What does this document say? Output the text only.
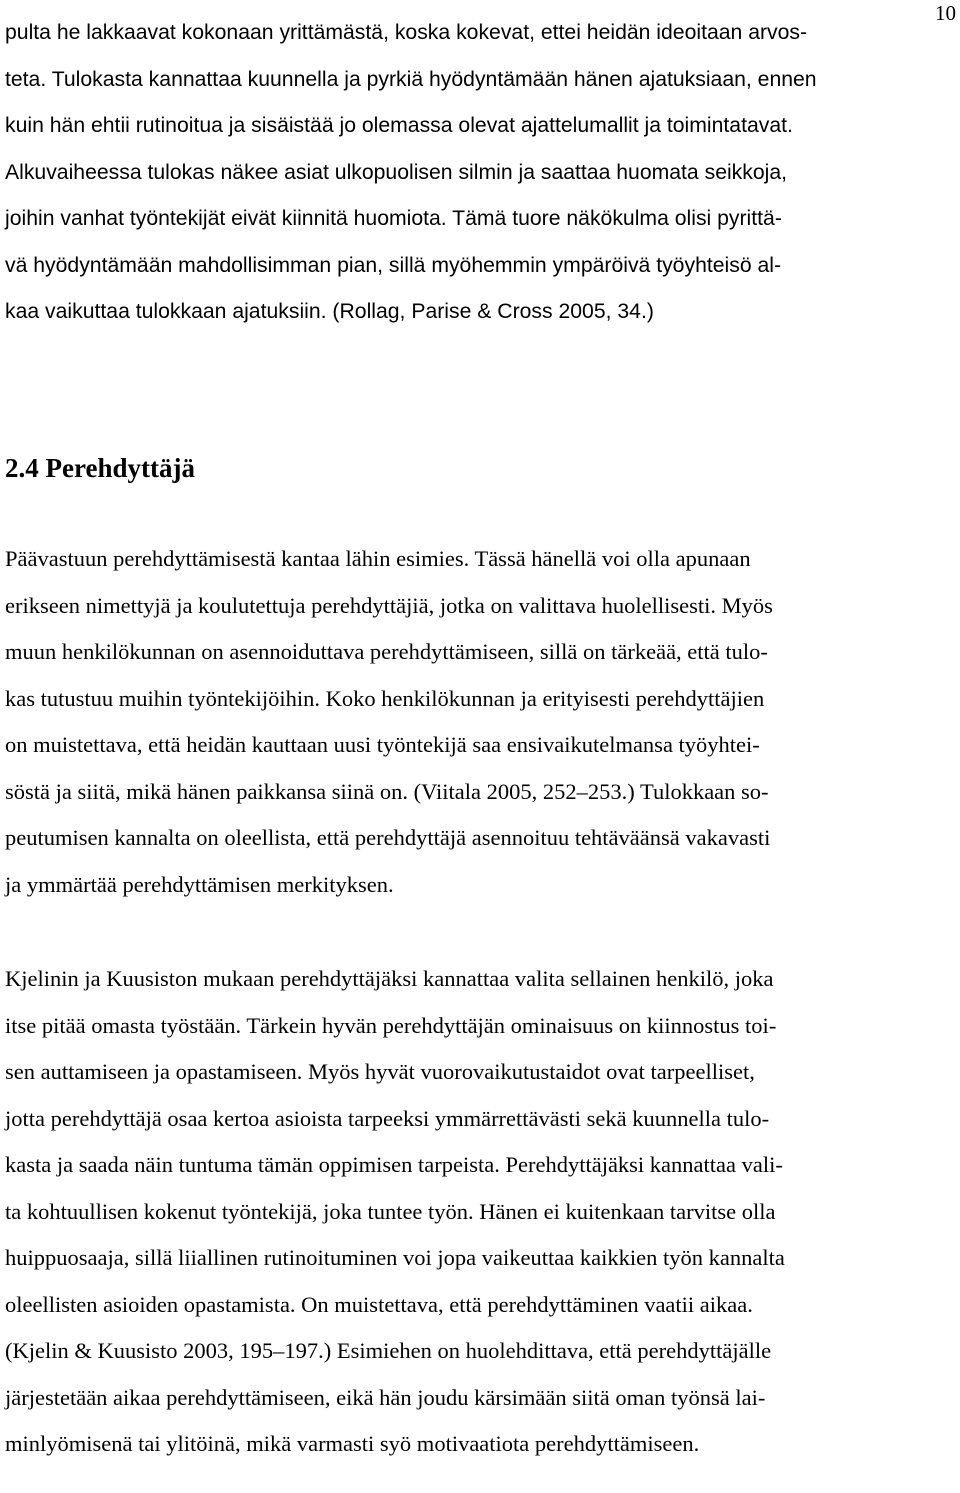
10
pulta he lakkaavat kokonaan yrittämästä, koska kokevat, ettei heidän ideoitaan arvos-
teta. Tulokasta kannattaa kuunnella ja pyrkiä hyödyntämään hänen ajatuksiaan, ennen
kuin hän ehtii rutinoitua ja sisäistää jo olemassa olevat ajattelumallit ja toimintatavat.
Alkuvaiheessa tulokas näkee asiat ulkopuolisen silmin ja saattaa huomata seikkoja,
joihin vanhat työntekijät eivät kiinnitä huomiota. Tämä tuore näkökulma olisi pyrittä-
vä hyödyntämään mahdollisimman pian, sillä myöhemmin ympäröivä työyhteisö al-
kaa vaikuttaa tulokkaan ajatuksiin. (Rollag, Parise & Cross 2005, 34.)
2.4 Perehdyttäjä
Päävastuun perehdyttämisestä kantaa lähin esimies. Tässä hänellä voi olla apunaan
erikseen nimettyjä ja koulutettuja perehdyttäjiä, jotka on valittava huolellisesti. Myös
muun henkilökunnan on asennoiduttava perehdyttämiseen, sillä on tärkeää, että tulo-
kas tutustuu muihin työntekijöihin. Koko henkilökunnan ja erityisesti perehdyttäjien
on muistettava, että heidän kauttaan uusi työntekijä saa ensivaikutelmansa työyhtei-
söstä ja siitä, mikä hänen paikkansa siinä on. (Viitala 2005, 252–253.) Tulokkaan so-
peutumisen kannalta on oleellista, että perehdyttäjä asennoituu tehtäväänsä vakavasti
ja ymmärtää perehdyttämisen merkityksen.
Kjelinin ja Kuusiston mukaan perehdyttäjäksi kannattaa valita sellainen henkilö, joka
itse pitää omasta työstään. Tärkein hyvän perehdyttäjän ominaisuus on kiinnostus toi-
sen auttamiseen ja opastamiseen. Myös hyvät vuorovaikutustaidot ovat tarpeelliset,
jotta perehdyttäjä osaa kertoa asioista tarpeeksi ymmärrettävästi sekä kuunnella tulo-
kasta ja saada näin tuntuma tämän oppimisen tarpeista. Perehdyttäjäksi kannattaa vali-
ta kohtuullisen kokenut työntekijä, joka tuntee työn. Hänen ei kuitenkaan tarvitse olla
huippuosaaja, sillä liiallinen rutinoituminen voi jopa vaikeuttaa kaikkien työn kannalta
oleellisten asioiden opastamista. On muistettava, että perehdyttäminen vaatii aikaa.
(Kjelin & Kuusisto 2003, 195–197.) Esimiehen on huolehdittava, että perehdyttäjälle
järjestetään aikaa perehdyttämiseen, eikä hän joudu kärsimään siitä oman työnsä lai-
minlyömisenä tai ylitöinä, mikä varmasti syö motivaatiota perehdyttämiseen.
